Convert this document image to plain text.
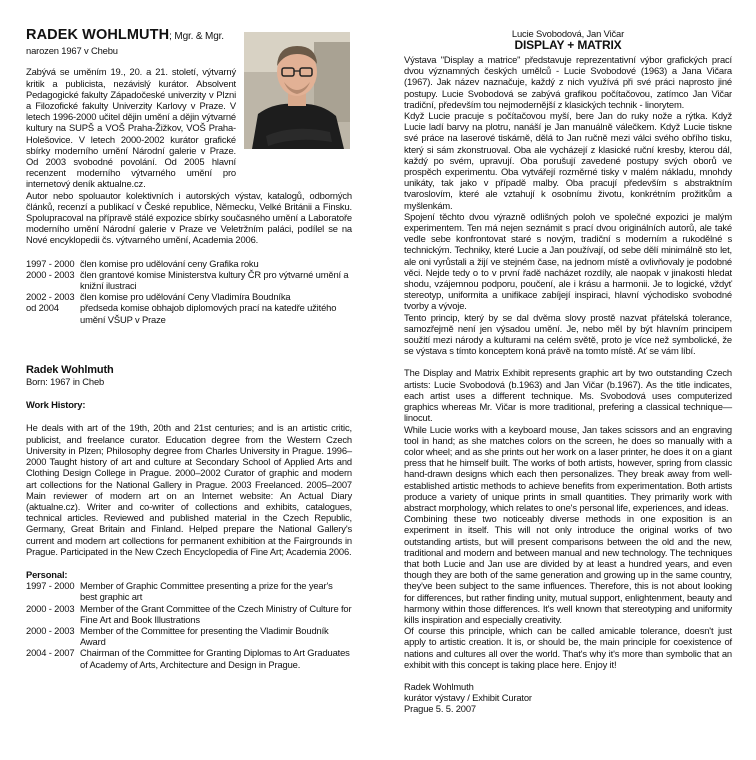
RADEK WOHLMUTH; Mgr. & Mgr.
narozen 1967 v Chebu

Zabývá se uměním 19., 20. a 21. století, výtvarný kritik a publicista, nezávislý kurátor. Absolvent Pedagogické fakulty Západočeské univerzity v Plzni a Filozofické fakulty Univerzity Karlovy v Praze. V letech 1996-2000 učitel dějin umění a dějin výtvarné kultury na SUPŠ a VOŠ Praha-Žižkov, VOŠ Praha-Holešovice. V letech 2000-2002 kurátor grafické sbírky moderního umění Národní galerie v Praze. Od 2003 svobodné povolání. Od 2005 hlavní recenzent moderního výtvarného umění pro internetový deník aktualne.cz.

Autor nebo spoluautor kolektivních i autorských výstav, katalogů, odborných článků, recenzí a publikací v České republice, Německu, Velké Británii a Finsku. Spolupracoval na přípravě stálé expozice sbírky současného umění a Laboratoře moderního umění Národní galerie v Praze ve Veletržním paláci, podílel se na Nové encyklopedii čs. výtvarného umění, Academia 2006.

1997 - 2000	člen komise pro udělování ceny Grafika roku
2000 - 2003	člen grantové komise Ministerstva kultury ČR pro výtvarné umění a knižní ilustraci
2002 - 2003	člen komise pro udělování Ceny Vladimíra Boudníka
od 2004	předseda komise obhajob diplomových prací na katedře užitého umění VŠUP v Praze
Radek Wohlmuth
Born: 1967 in Cheb
Work History:

He deals with art of the 19th, 20th and 21st centuries; and is an artistic critic, publicist, and freelance curator. Education degree from the Western Czech University in Plzen; Philosophy degree from Charles University in Prague. 1996–2000 Taught history of art and culture at Secondary School of Applied Arts and Clothing Design College in Prague. 2000–2002 Curator of graphic and modern art collections for the National Gallery in Prague. 2003 Freelanced. 2005–2007 Main reviewer of modern art on an Internet website: An Actual Diary (aktualne.cz). Writer and co-writer of collections and exhibits, catalogues, technical articles. Reviewed and published material in the Czech Republic, Germany, Great Britain and Finland. Helped prepare the National Gallery's current and modern art collections for permanent exhibition at the Fairgrounds in Prague. Participated in the New Czech Encyclopedia of Fine Art; Academia 2006.

Personal:
1997 - 2000	Member of Graphic Committee presenting a prize for the year's best graphic art
2000 - 2003	Member of the Grant Committee of the Czech Ministry of Culture for Fine Art and Book Illustrations
2000 - 2003	Member of the Committee for presenting the Vladimir Boudník Award
2004 - 2007	Chairman of the Committee for Granting Diplomas to Art Graduates of Academy of Arts, Architecture and Design in Prague.
Lucie Svobodová, Jan Vičar
DISPLAY + MATRIX

Výstava "Display a matrice" představuje reprezentativní výbor grafických prací dvou významných českých umělců - Lucie Svobodové (1963) a Jana Vičara (1967). Jak název naznačuje, každý z nich využívá při své práci naprosto jiné postupy. Lucie Svobodová se zabývá grafikou počítačovou, zatímco Jan Vičar tradiční, především tou nejmodernější z klasických technik - linorytem.

Když Lucie pracuje s počítačovou myší, bere Jan do ruky nože a rýtka. Když Lucie ladí barvy na plotru, nanáší je Jan manuálně válečkem. Když Lucie tiskne své práce na laserové tiskárně, dělá to Jan ručně mezi válci svého obřího tisku, který si sám zkonstruoval. Oba ale vycházejí z klasické ruční kresby, kterou dál, každý po svém, upravují. Oba porušují zavedené postupy svých oborů ve prospěch experimentu. Oba vytvářejí rozměrné tisky v malém nákladu, mnohdy unikáty, tak jako v případě malby. Oba pracují především s abstraktním tvaroslovím, které ale vztahují k osobnímu životu, konkrétním prožitkům a myšlenkám.

Spojení těchto dvou výrazně odlišných poloh ve společné expozici je malým experimentem. Ten má nejen seznámit s prací dvou originálních autorů, ale také vedle sebe konfrontovat staré s novým, tradiční s moderním a rukodělné s technickým. Techniky, které Lucie a Jan používají, od sebe dělí minimálně sto let, ale oni vyrůstali a žijí ve stejném čase, na jednom místě a ovlivňovaly je podobné věci. Nejde tedy o to v první řadě nacházet rozdíly, ale naopak v jinakosti hledat shodu, vzájemnou podporu, poučení, ale i krásu a harmonii. Je to logické, vždyť stereotyp, uniformita a unifikace zabíjejí inspiraci, hlavní východisko svobodné tvorby a vývoje.

Tento princip, který by se dal dvěma slovy prostě nazvat přátelská tolerance, samozřejmě není jen výsadou umění. Je, nebo měl by být hlavním principem soužití mezi národy a kulturami na celém světě, proto je více než symbolické, že se výstava s tímto konceptem koná právě na tomto místě. Ať se vám líbí.

The Display and Matrix Exhibit represents graphic art by two outstanding Czech artists: Lucie Svobodová (b.1963) and Jan Vičar (b.1967). As the title indicates, each artist uses a different technique. Ms. Svobodová uses computerized graphics whereas Mr. Vičar is more traditional, prefering a classical technique—linocut.

While Lucie works with a keyboard mouse, Jan takes scissors and an engraving tool in hand; as she matches colors on the screen, he does so manually with a color wheel; and as she prints out her work on a laser printer, he does it on a giant press that he himself built. The works of both artists, however, spring from classic hand-drawn designs which each then personalizes. They break away from well-established artistic methods to achieve benefits from experimentation. Both artists produce a variety of unique prints in small quantities. They primarily work with abstract morphology, which relates to one's personal life, experiences, and ideas.

Combining these two noticeably diverse methods in one exposition is an experiment in itself. This will not only introduce the original works of two outstanding artists, but will present comparisons between the old and the new, traditional and modern and between manual and new technology. The techniques that both Lucie and Jan use are divided by at least a hundred years, and even though they are both of the same generation and growing up in the same country, they've been subject to the same influences. Therefore, this is not about looking for differences, but rather finding unity, mutual support, enlightenment, beauty and harmony within those differences. It's well known that stereotyping and uniformity kills inspiration and especially creativity.

Of course this principle, which can be called amicable tolerance, doesn't just apply to artistic creation. It is, or should be, the main principle for coexistence of nations and cultures all over the world. That's why it's more than symbolic that an exhibit with this concept is taking place here. Enjoy it!

Radek Wohlmuth
kurátor výstavy / Exhibit Curator
Prague 5. 5. 2007
